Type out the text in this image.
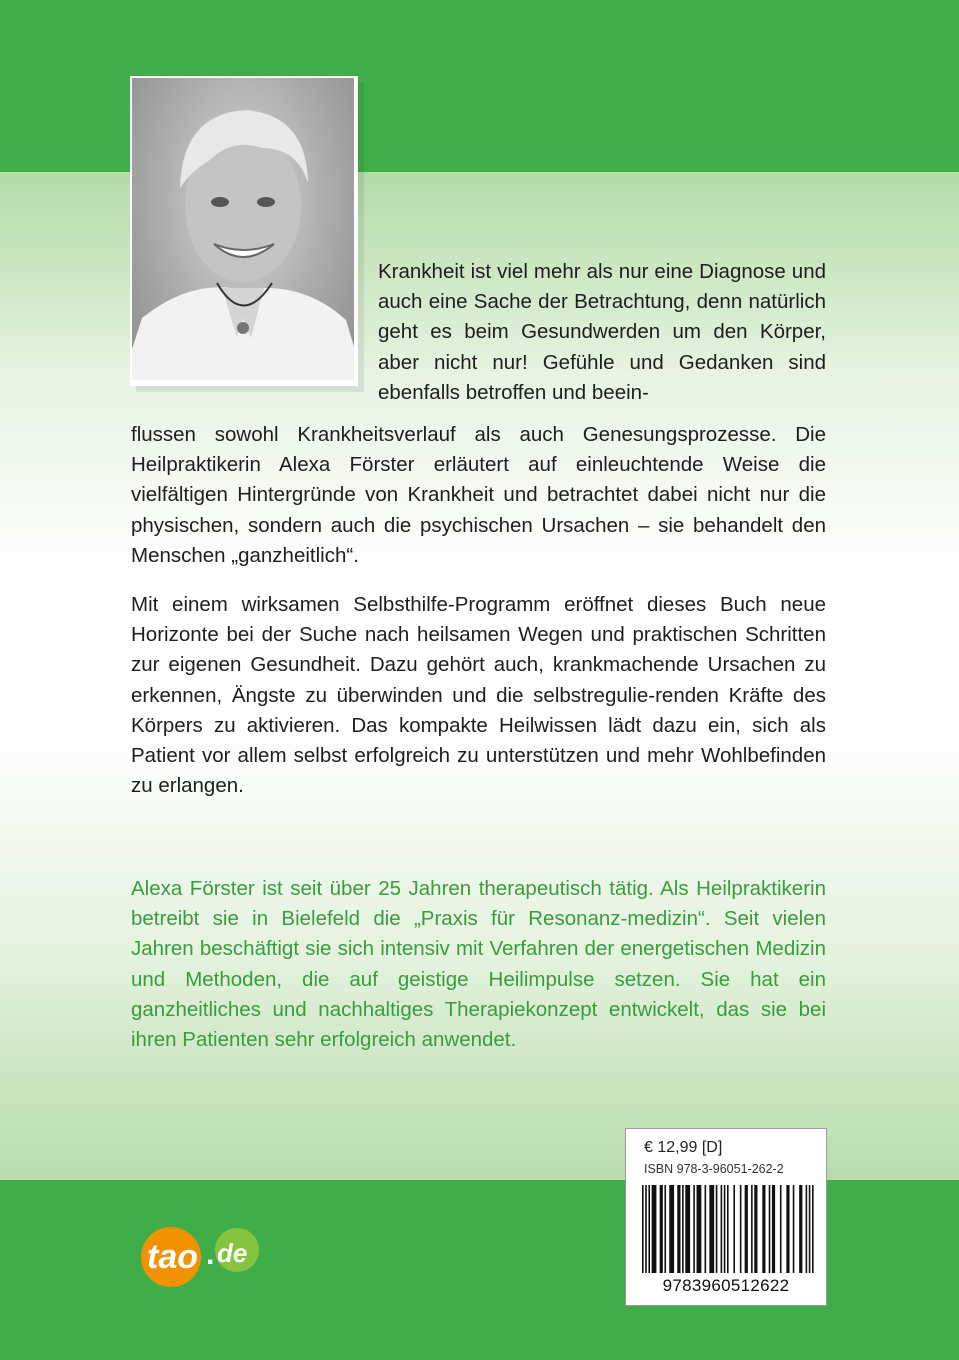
Krankheit ist viel mehr als nur eine Diagnose und auch eine Sache der Betrachtung, denn natürlich geht es beim Gesundwerden um den Körper, aber nicht nur! Gefühle und Gedanken sind ebenfalls betroffen und beein-

flussen sowohl Krankheitsverlauf als auch Genesungsprozesse. Die Heilpraktikerin Alexa Förster erläutert auf einleuchtende Weise die vielfältigen Hintergründe von Krankheit und betrachtet dabei nicht nur die physischen, sondern auch die psychischen Ursachen – sie behandelt den Menschen „ganzheitlich“.

Mit einem wirksamen Selbsthilfe-Programm eröffnet dieses Buch neue Horizonte bei der Suche nach heilsamen Wegen und praktischen Schritten zur eigenen Gesundheit. Dazu gehört auch, krankmachende Ursachen zu erkennen, Ängste zu überwinden und die selbstregulie-renden Kräfte des Körpers zu aktivieren. Das kompakte Heilwissen lädt dazu ein, sich als Patient vor allem selbst erfolgreich zu unterstützen und mehr Wohlbefinden zu erlangen.

Alexa Förster ist seit über 25 Jahren therapeutisch tätig. Als Heilpraktikerin betreibt sie in Bielefeld die „Praxis für Resonanz-medizin“. Seit vielen Jahren beschäftigt sie sich intensiv mit Verfahren der energetischen Medizin und Methoden, die auf geistige Heilimpulse setzen. Sie hat ein ganzheitliches und nachhaltiges Therapiekonzept entwickelt, das sie bei ihren Patienten sehr erfolgreich anwendet.

€ 12,99 [D]
ISBN 978-3-96051-262-2
9783960512622
tao . de
